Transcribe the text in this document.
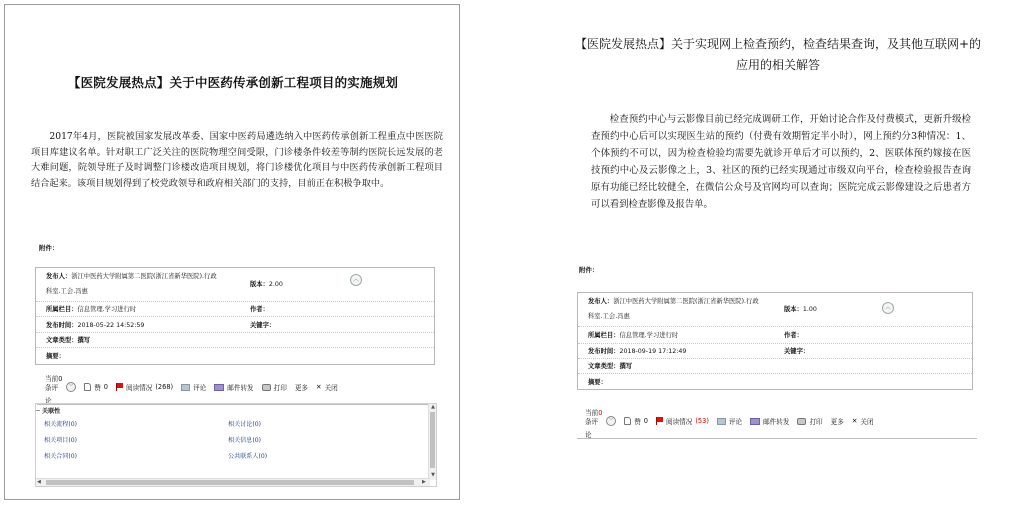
【医院发展热点】关于中医药传承创新工程项目的实施规划
2017年4月，医院被国家发展改革委、国家中医药局遴选纳入中医药传承创新工程重点中医医院项目库建议名单。针对职工广泛关注的医院物理空间受限，门诊楼条件较差等制约医院长远发展的老大难问题，院领导班子及时调整门诊楼改造项目规划，将门诊楼优化项目与中医药传承创新工程项目结合起来。该项目规划得到了校党政领导和政府相关部门的支持，目前正在积极争取中。
附件：
发布人：浙江中医药大学附属第二医院(浙江省新华医院).行政
科室.工会.冯惠
版本：2.00
︿
所属栏目：信息管理.学习进行时	作者：
发布时间：2018-05-22 14:52:59	关键字：
文章类型：撰写
摘要：
当前0
条评	﹀	赞 0	阅读情况 (268)	评论	邮件转发	打印 更多 ✕ 关闭
论
关联性
相关流程(0)	相关讨论(0)
相关项目(0)	相关信息(0)
相关合同(0)	公共联系人(0)
▲
▼
◀	▶
【医院发展热点】关于实现网上检查预约，检查结果查询，及其他互联网+的应用的相关解答
检查预约中心与云影像目前已经完成调研工作，开始讨论合作及付费模式，更新升级检查预约中心后可以实现医生站的预约（付费有效期暂定半小时），网上预约分3种情况：1、个体预约不可以，因为检查检验均需要先就诊开单后才可以预约，2、医联体预约嫁接在医技预约中心及云影像之上，3、社区的预约已经实现通过市级双向平台，检查检验报告查询原有功能已经比较健全，在微信公众号及官网均可以查询；医院完成云影像建设之后患者方可以看到检查影像及报告单。
附件：
发布人：浙江中医药大学附属第二医院(浙江省新华医院).行政
科室.工会.冯惠
版本：1.00	︿
所属栏目：信息管理.学习进行时	作者：
发布时间：2018-09-19 17:12:49	关键字：
文章类型：撰写
摘要：
当前0
条评	﹀	赞 0	阅读情况 (53)	评论	邮件转发	打印 更多 ✕ 关闭
论
